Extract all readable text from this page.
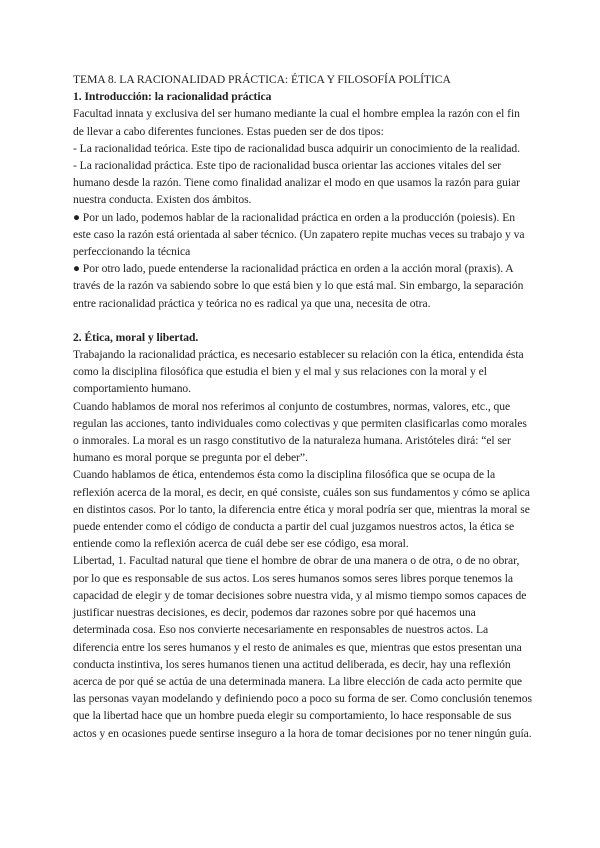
TEMA 8. LA RACIONALIDAD PRÁCTICA: ÉTICA Y FILOSOFÍA POLÍTICA

1. Introducción: la racionalidad práctica

Facultad innata y exclusiva del ser humano mediante la cual el hombre emplea la razón con el fin de llevar a cabo diferentes funciones. Estas pueden ser de dos tipos:

- La racionalidad teórica. Este tipo de racionalidad busca adquirir un conocimiento de la realidad.

- La racionalidad práctica. Este tipo de racionalidad busca orientar las acciones vitales del ser humano desde la razón. Tiene como finalidad analizar el modo en que usamos la razón para guiar nuestra conducta. Existen dos ámbitos.

● Por un lado, podemos hablar de la racionalidad práctica en orden a la producción (poiesis). En este caso la razón está orientada al saber técnico. (Un zapatero repite muchas veces su trabajo y va perfeccionando la técnica

● Por otro lado, puede entenderse la racionalidad práctica en orden a la acción moral (praxis). A través de la razón va sabiendo sobre lo que está bien y lo que está mal. Sin embargo, la separación entre racionalidad práctica y teórica no es radical ya que una, necesita de otra.

2. Ética, moral y libertad.

Trabajando la racionalidad práctica, es necesario establecer su relación con la ética, entendida ésta como la disciplina filosófica que estudia el bien y el mal y sus relaciones con la moral y el comportamiento humano.

Cuando hablamos de moral nos referimos al conjunto de costumbres, normas, valores, etc., que regulan las acciones, tanto individuales como colectivas y que permiten clasificarlas como morales o inmorales. La moral es un rasgo constitutivo de la naturaleza humana. Aristóteles dirá: “el ser humano es moral porque se pregunta por el deber”.

Cuando hablamos de ética, entendemos ésta como la disciplina filosófica que se ocupa de la reflexión acerca de la moral, es decir, en qué consiste, cuáles son sus fundamentos y cómo se aplica en distintos casos. Por lo tanto, la diferencia entre ética y moral podría ser que, mientras la moral se puede entender como el código de conducta a partir del cual juzgamos nuestros actos, la ética se entiende como la reflexión acerca de cuál debe ser ese código, esa moral.

Libertad, 1. Facultad natural que tiene el hombre de obrar de una manera o de otra, o de no obrar, por lo que es responsable de sus actos. Los seres humanos somos seres libres porque tenemos la capacidad de elegir y de tomar decisiones sobre nuestra vida, y al mismo tiempo somos capaces de justificar nuestras decisiones, es decir, podemos dar razones sobre por qué hacemos una determinada cosa. Eso nos convierte necesariamente en responsables de nuestros actos. La diferencia entre los seres humanos y el resto de animales es que, mientras que estos presentan una conducta instintiva, los seres humanos tienen una actitud deliberada, es decir, hay una reflexión acerca de por qué se actúa de una determinada manera. La libre elección de cada acto permite que las personas vayan modelando y definiendo poco a poco su forma de ser. Como conclusión tenemos que la libertad hace que un hombre pueda elegir su comportamiento, lo hace responsable de sus actos y en ocasiones puede sentirse inseguro a la hora de tomar decisiones por no tener ningún guía.
